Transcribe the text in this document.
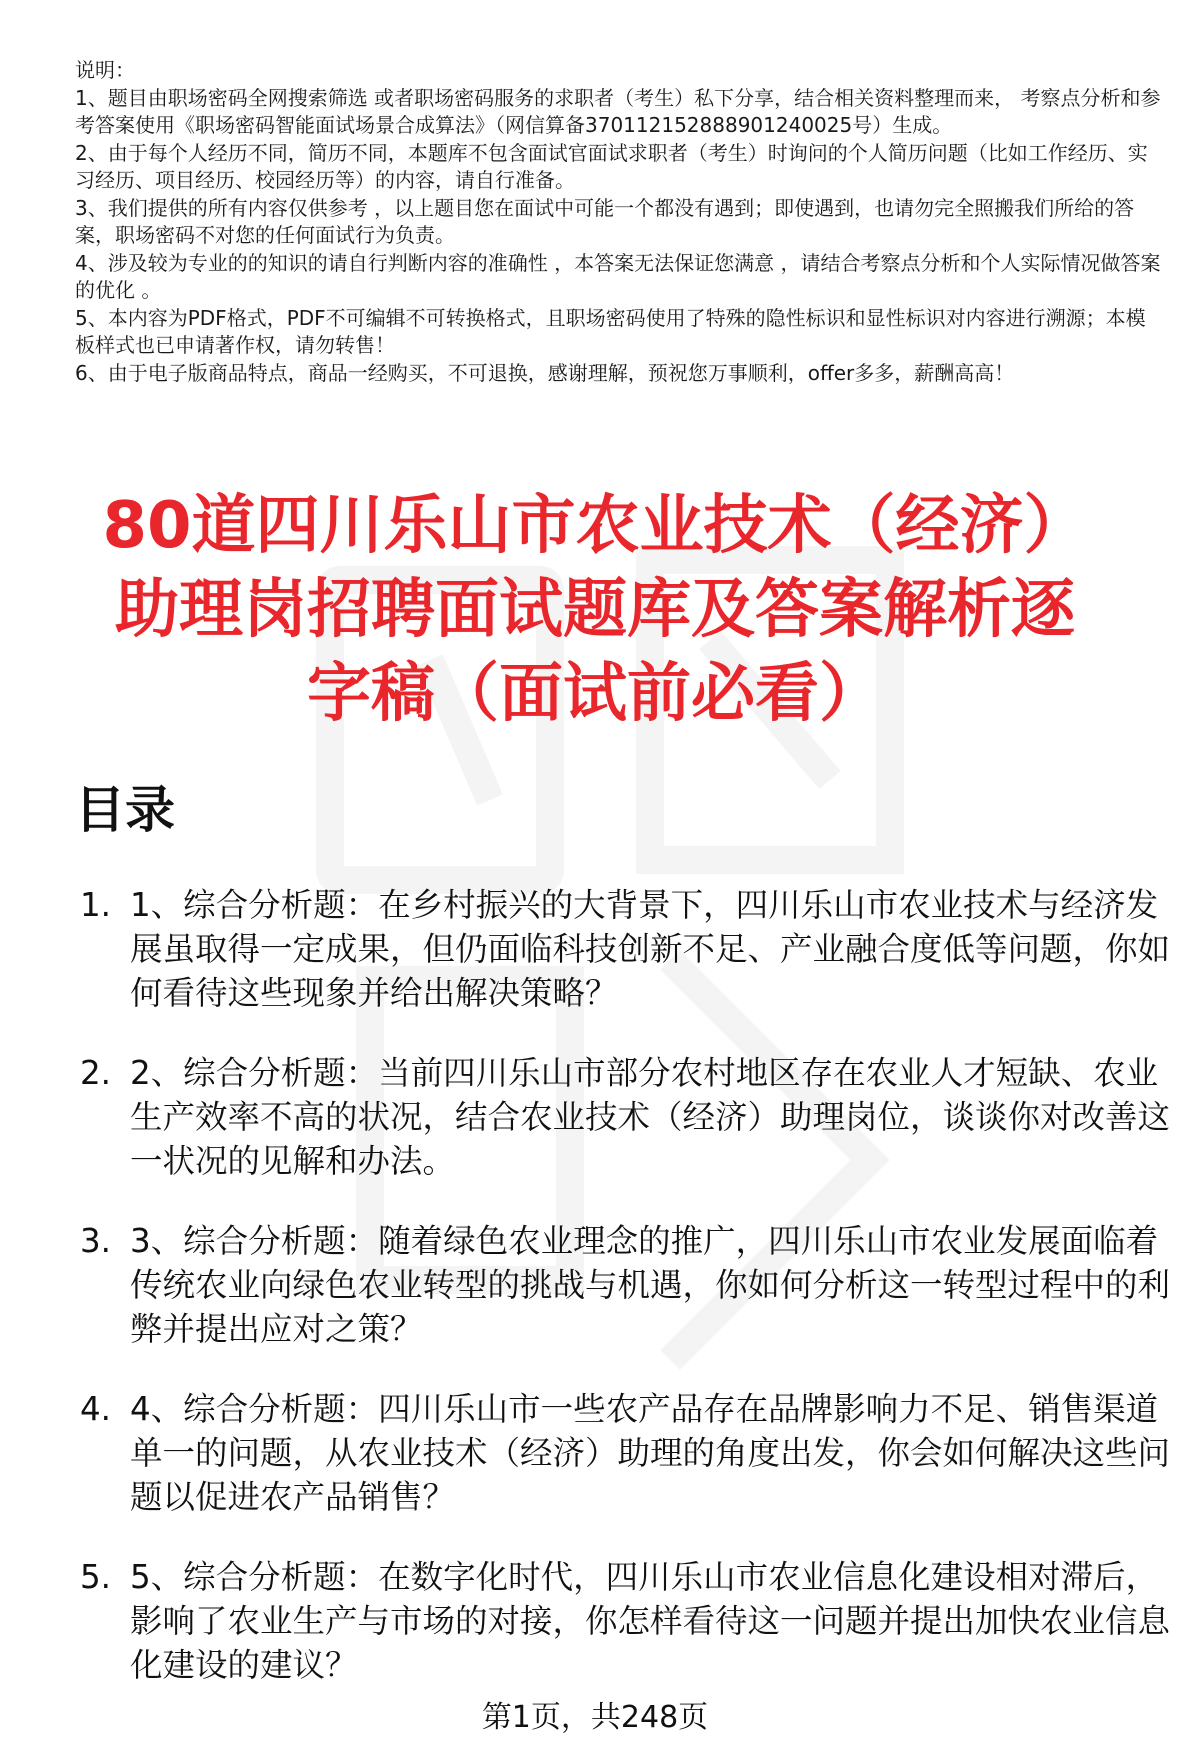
说明：
1、题目由职场密码全网搜索筛选 或者职场密码服务的求职者（考生）私下分享，结合相关资料整理而来， 考察点分析和参考答案使用《职场密码智能面试场景合成算法》（网信算备370112152888901240025号）生成。
2、由于每个人经历不同，简历不同，本题库不包含面试官面试求职者（考生）时询问的个人简历问题（比如工作经历、实习经历、项目经历、校园经历等）的内容，请自行准备。
3、我们提供的所有内容仅供参考 ，以上题目您在面试中可能一个都没有遇到；即使遇到，也请勿完全照搬我们所给的答案，职场密码不对您的任何面试行为负责。
4、涉及较为专业的的知识的请自行判断内容的准确性 ，本答案无法保证您满意 ，请结合考察点分析和个人实际情况做答案的优化 。
5、本内容为PDF格式，PDF不可编辑不可转换格式，且职场密码使用了特殊的隐性标识和显性标识对内容进行溯源；本模板样式也已申请著作权，请勿转售！
6、由于电子版商品特点，商品一经购买，不可退换，感谢理解，预祝您万事顺利，offer多多，薪酬高高！
80道四川乐山市农业技术（经济）
助理岗招聘面试题库及答案解析逐
字稿（面试前必看）
目录
1. 1、综合分析题：在乡村振兴的大背景下，四川乐山市农业技术与经济发展虽取得一定成果，但仍面临科技创新不足、产业融合度低等问题，你如何看待这些现象并给出解决策略？
2. 2、综合分析题：当前四川乐山市部分农村地区存在农业人才短缺、农业生产效率不高的状况，结合农业技术（经济）助理岗位，谈谈你对改善这一状况的见解和办法。
3. 3、综合分析题：随着绿色农业理念的推广，四川乐山市农业发展面临着传统农业向绿色农业转型的挑战与机遇，你如何分析这一转型过程中的利弊并提出应对之策？
4. 4、综合分析题：四川乐山市一些农产品存在品牌影响力不足、销售渠道单一的问题，从农业技术（经济）助理的角度出发，你会如何解决这些问题以促进农产品销售？
5. 5、综合分析题：在数字化时代，四川乐山市农业信息化建设相对滞后，影响了农业生产与市场的对接，你怎样看待这一问题并提出加快农业信息化建设的建议？
第1页，共248页
